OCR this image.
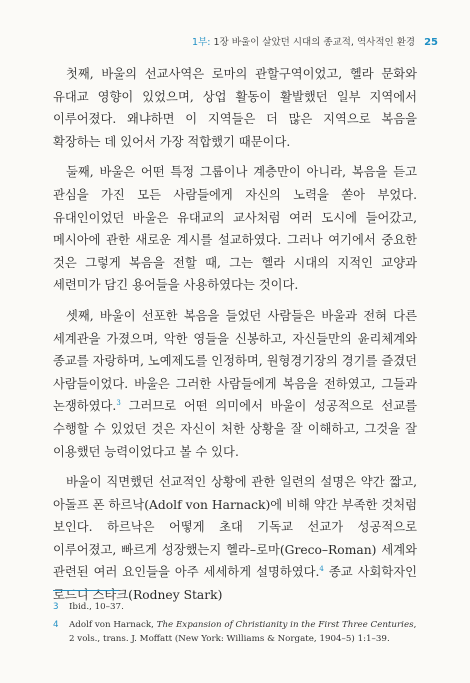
1부: 1장 바울이 살았던 시대의 종교적, 역사적인 환경 25

첫째, 바울의 선교사역은 로마의 관할구역이었고, 헬라 문화와 유대교 영향이 있었으며, 상업 활동이 활발했던 일부 지역에서 이루어졌다. 왜냐하면 이 지역들은 더 많은 지역으로 복음을 확장하는 데 있어서 가장 적합했기 때문이다.

둘째, 바울은 어떤 특정 그룹이나 계층만이 아니라, 복음을 듣고 관심을 가진 모든 사람들에게 자신의 노력을 쏟아 부었다. 유대인이었던 바울은 유대교의 교사처럼 여러 도시에 들어갔고, 메시아에 관한 새로운 계시를 설교하였다. 그러나 여기에서 중요한 것은 그렇게 복음을 전할 때, 그는 헬라 시대의 지적인 교양과 세련미가 담긴 용어들을 사용하였다는 것이다.

셋째, 바울이 선포한 복음을 들었던 사람들은 바울과 전혀 다른 세계관을 가졌으며, 악한 영들을 신봉하고, 자신들만의 윤리체계와 종교를 자랑하며, 노예제도를 인정하며, 원형경기장의 경기를 즐겼던 사람들이었다. 바울은 그러한 사람들에게 복음을 전하였고, 그들과 논쟁하였다.$^3$ 그러므로 어떤 의미에서 바울이 성공적으로 선교를 수행할 수 있었던 것은 자신이 처한 상황을 잘 이해하고, 그것을 잘 이용했던 능력이었다고 볼 수 있다.

바울이 직면했던 선교적인 상황에 관한 일련의 설명은 약간 짧고, 아돌프 폰 하르낙(Adolf von Harnack)에 비해 약간 부족한 것처럼 보인다. 하르낙은 어떻게 초대 기독교 선교가 성공적으로 이루어졌고, 빠르게 성장했는지 헬라–로마(Greco–Roman) 세계와 관련된 여러 요인들을 아주 세세하게 설명하였다.$^4$ 종교 사회학자인 로드니 스타크(Rodney Stark)

3	Ibid., 10–37.
4	Adolf von Harnack, The Expansion of Christianity in the First Three Centuries, 2 vols., trans. J. Moffatt (New York: Williams & Norgate, 1904–5) 1:1–39.
